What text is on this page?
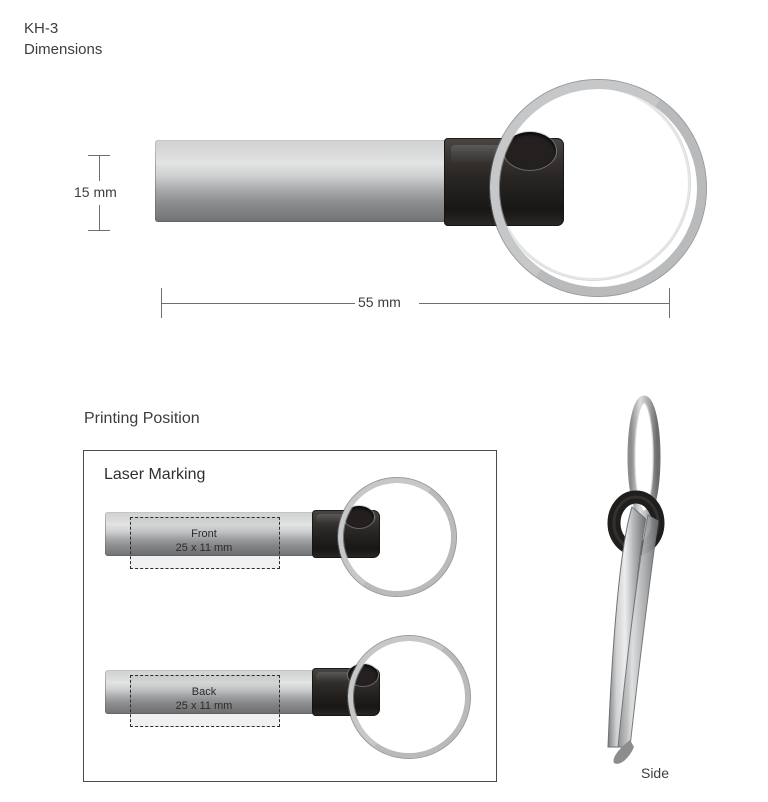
KH-3
Dimensions
15 mm
55 mm
Printing Position
Laser Marking
Front
25 x 11 mm
Back
25 x 11 mm
Side
